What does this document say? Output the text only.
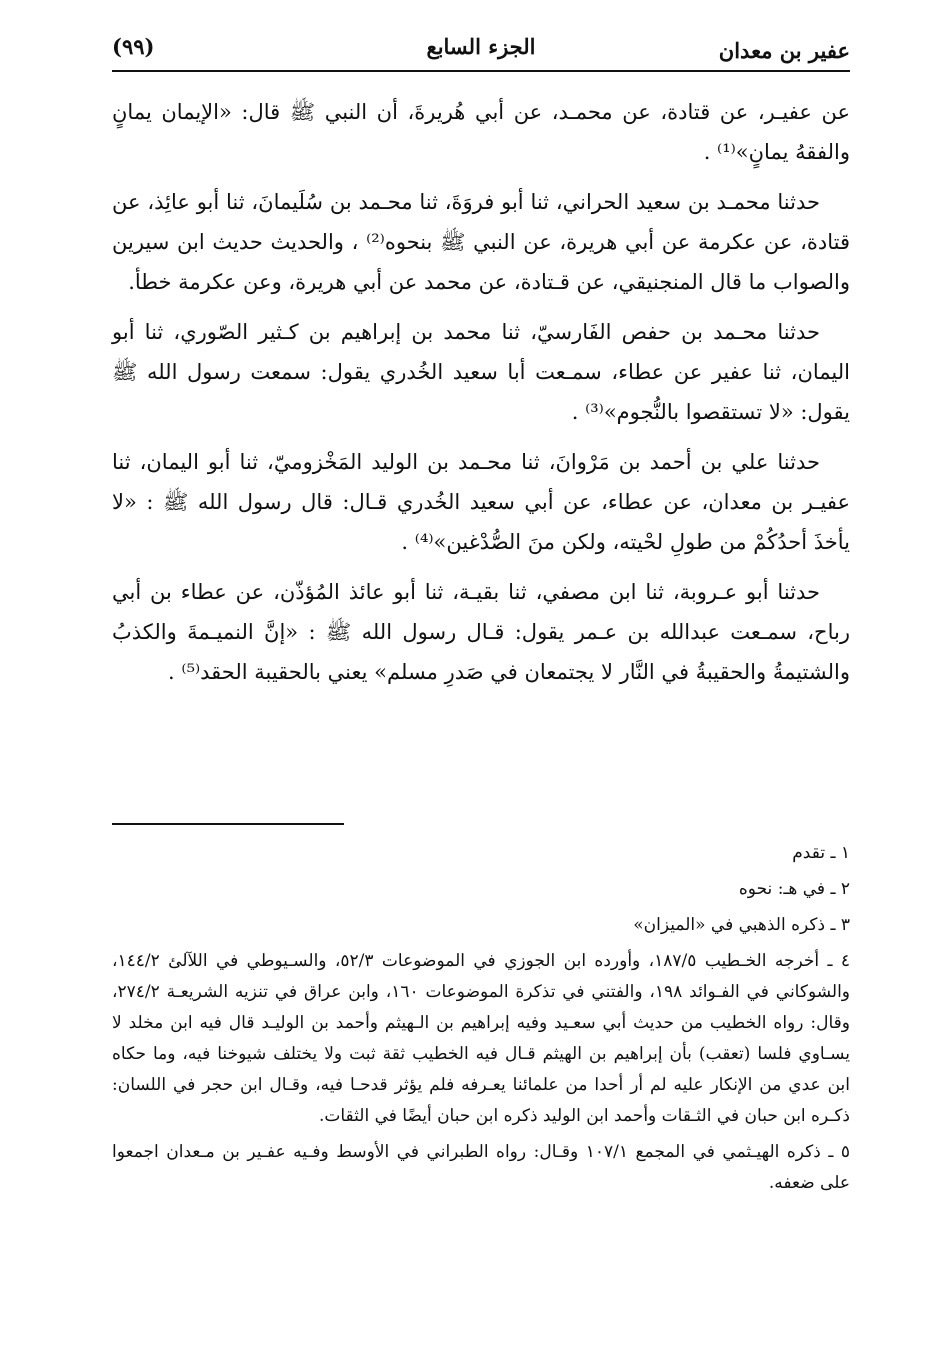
عفير بن معدان
الجزء السابع
(٩٩)

عن عفيـر، عن قتادة، عن محمـد، عن أبي هُريرةَ، أن النبي ﷺ قال: «الإيمان يمانٍ والفقهُ يمانٍ»⁽¹⁾ .

حدثنا محمـد بن سعيد الحراني، ثنا أبو فروَةَ، ثنا محـمد بن سُلَيمانَ، ثنا أبو عائِذ، عن قتادة، عن عكرمة عن أبي هريرة، عن النبي ﷺ بنحوه⁽²⁾ ، والحديث حديث ابن سيرين والصواب ما قال المنجنيقي، عن قـتادة، عن محمد عن أبي هريرة، وعن عكرمة خطأ.

حدثنا محـمد بن حفص الفَارسيّ، ثنا محمد بن إبراهيم بن كـثير الصّوري، ثنا أبو اليمان، ثنا عفير عن عطاء، سمـعت أبا سعيد الخُدري يقول: سمعت رسول الله ﷺ يقول: «لا تستقصوا بالنُّجوم»⁽³⁾ .

حدثنا علي بن أحمد بن مَرْوانَ، ثنا محـمد بن الوليد المَخْزوميّ، ثنا أبو اليمان، ثنا عفيـر بن معدان، عن عطاء، عن أبي سعيد الخُدري قـال: قال رسول الله ﷺ : «لا يأخذَ أحدُكُمْ من طولِ لحْيته، ولكن منَ الصُّدْغين»⁽⁴⁾ .

حدثنا أبو عـروبة، ثنا ابن مصفي، ثنا بقيـة، ثنا أبو عائذ المُؤذّن، عن عطاء بن أبي رباح، سمـعت عبدالله بن عـمر يقول: قـال رسول الله ﷺ : «إنَّ النميـمةَ والكذبُ والشتيمةُ والحقيبةُ في النَّار لا يجتمعان في صَدرِ مسلم» يعني بالحقيبة الحقد⁽⁵⁾ .

١ ـ تقدم
٢ ـ في هـ: نحوه
٣ ـ ذكره الذهبي في «الميزان»
٤ ـ أخرجه الخـطيب ١٨٧/٥، وأورده ابن الجوزي في الموضوعات ٥٢/٣، والسـيوطي في اللآلئ ١٤٤/٢، والشوكاني في الفـوائد ١٩٨، والفتني في تذكرة الموضوعات ١٦٠، وابن عراق في تنزيه الشريعـة ٢٧٤/٢، وقال: رواه الخطيب من حديث أبي سعـيد وفيه إبراهيم بن الـهيثم وأحمد بن الوليـد قال فيه ابن مخلد لا يسـاوي فلسا (تعقب) بأن إبراهيم بن الهيثم قـال فيه الخطيب ثقة ثبت ولا يختلف شيوخنا فيه، وما حكاه ابن عدي من الإنكار عليه لم أر أحدا من علمائنا يعـرفه فلم يؤثر قدحـا فيه، وقـال ابن حجر في اللسان: ذكـره ابن حبان في الثـقات وأحمد ابن الوليد ذكره ابن حبان أيضًا في الثقات.
٥ ـ ذكره الهيـثمي في المجمع ١٠٧/١ وقـال: رواه الطبراني في الأوسط وفـيه عفـير بن مـعدان اجمعوا على ضعفه.
